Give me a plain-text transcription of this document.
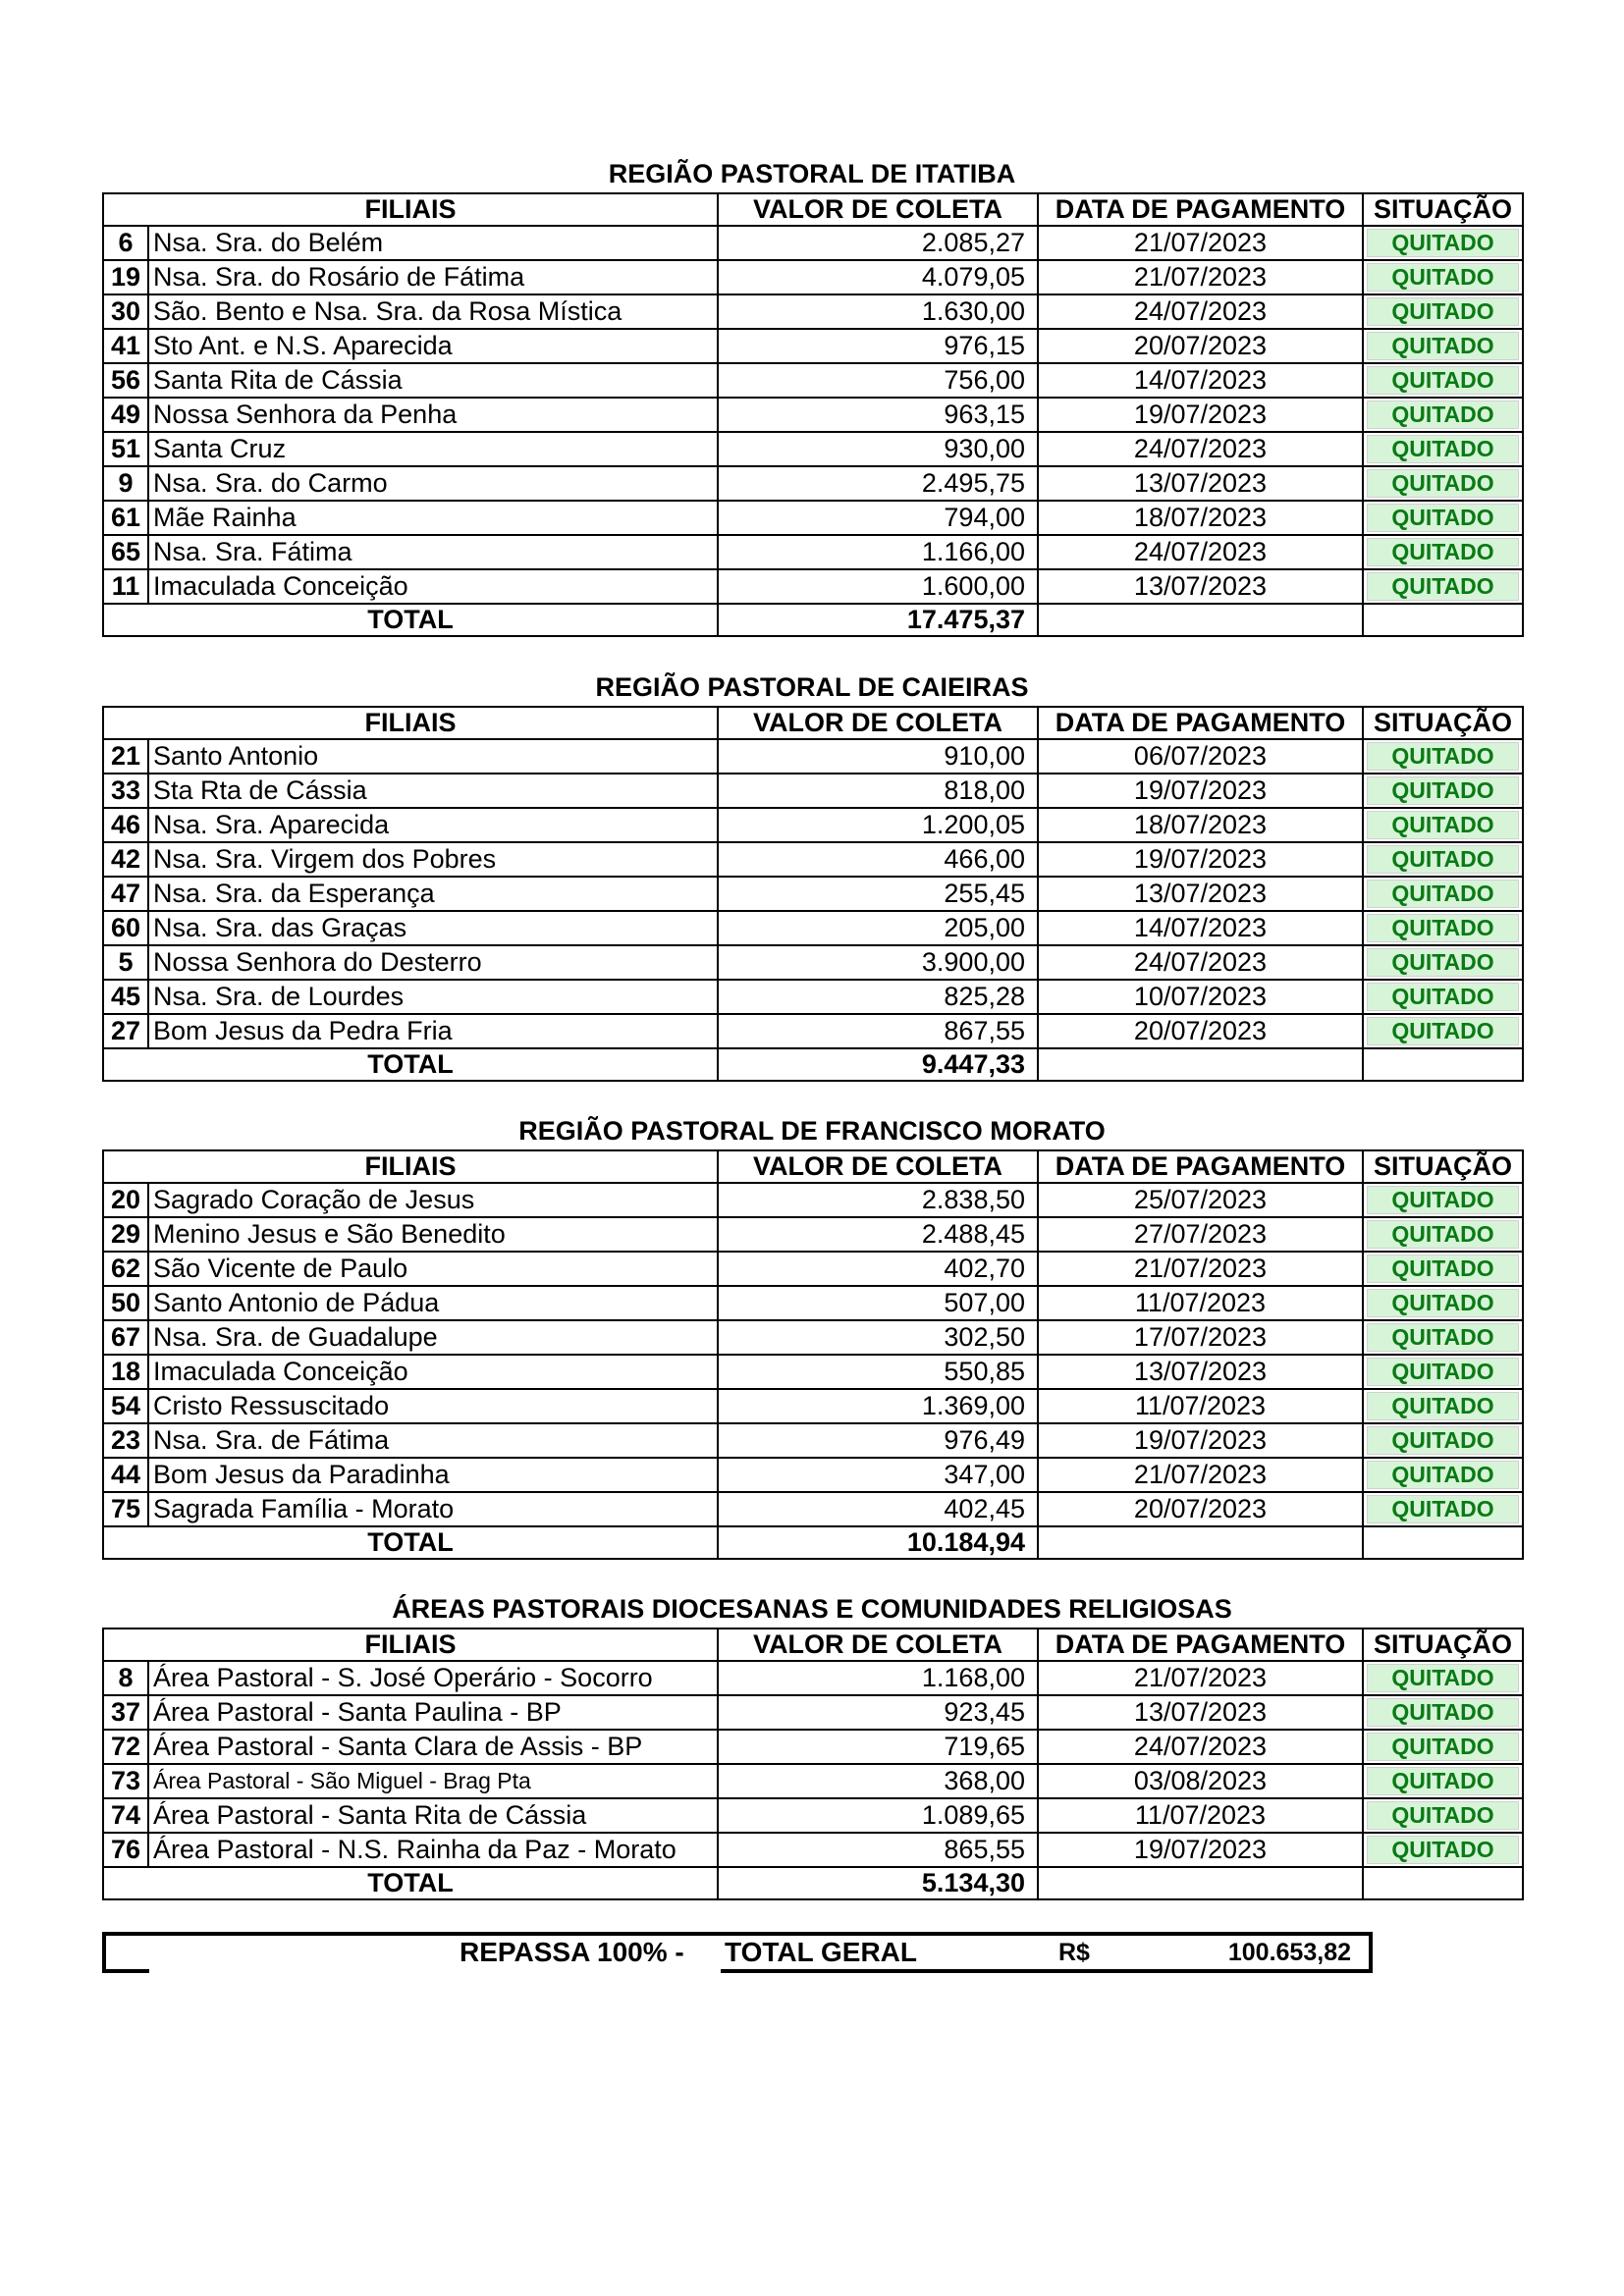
REGIÃO PASTORAL DE ITATIBA
FILIAIS		VALOR DE COLETA	DATA DE PAGAMENTO	SITUAÇÃO
6	Nsa. Sra. do Belém	2.085,27	21/07/2023	QUITADO

19	Nsa. Sra. do Rosário de Fátima	4.079,05	21/07/2023	QUITADO

30	São. Bento e Nsa. Sra. da Rosa Mística	1.630,00	24/07/2023	QUITADO

41	Sto Ant. e N.S. Aparecida	976,15	20/07/2023	QUITADO

56	Santa Rita de Cássia	756,00	14/07/2023	QUITADO

49	Nossa Senhora da Penha	963,15	19/07/2023	QUITADO

51	Santa Cruz	930,00	24/07/2023	QUITADO

9	Nsa. Sra. do Carmo	2.495,75	13/07/2023	QUITADO

61	Mãe Rainha	794,00	18/07/2023	QUITADO

65	Nsa. Sra. Fátima	1.166,00	24/07/2023	QUITADO

11	Imaculada Conceição	1.600,00	13/07/2023	QUITADO

TOTAL		17.475,37		
REGIÃO PASTORAL DE CAIEIRAS
FILIAIS		VALOR DE COLETA	DATA DE PAGAMENTO	SITUAÇÃO
21	Santo Antonio	910,00	06/07/2023	QUITADO

33	Sta Rta de Cássia	818,00	19/07/2023	QUITADO

46	Nsa. Sra. Aparecida	1.200,05	18/07/2023	QUITADO

42	Nsa. Sra. Virgem dos Pobres	466,00	19/07/2023	QUITADO

47	Nsa. Sra. da Esperança	255,45	13/07/2023	QUITADO

60	Nsa. Sra. das Graças	205,00	14/07/2023	QUITADO

5	Nossa Senhora do Desterro	3.900,00	24/07/2023	QUITADO

45	Nsa. Sra. de Lourdes	825,28	10/07/2023	QUITADO

27	Bom Jesus da Pedra Fria	867,55	20/07/2023	QUITADO

TOTAL		9.447,33		
REGIÃO PASTORAL DE FRANCISCO MORATO
FILIAIS		VALOR DE COLETA	DATA DE PAGAMENTO	SITUAÇÃO
20	Sagrado Coração de Jesus	2.838,50	25/07/2023	QUITADO

29	Menino Jesus e São Benedito	2.488,45	27/07/2023	QUITADO

62	São Vicente de Paulo	402,70	21/07/2023	QUITADO

50	Santo Antonio de Pádua	507,00	11/07/2023	QUITADO

67	Nsa. Sra. de Guadalupe	302,50	17/07/2023	QUITADO

18	Imaculada Conceição	550,85	13/07/2023	QUITADO

54	Cristo Ressuscitado	1.369,00	11/07/2023	QUITADO

23	Nsa. Sra. de Fátima	976,49	19/07/2023	QUITADO

44	Bom Jesus da Paradinha	347,00	21/07/2023	QUITADO

75	Sagrada Família - Morato	402,45	20/07/2023	QUITADO

TOTAL		10.184,94		
ÁREAS PASTORAIS DIOCESANAS E COMUNIDADES RELIGIOSAS
FILIAIS		VALOR DE COLETA	DATA DE PAGAMENTO	SITUAÇÃO
8	Área Pastoral - S. José Operário - Socorro	1.168,00	21/07/2023	QUITADO

37	Área Pastoral - Santa Paulina - BP	923,45	13/07/2023	QUITADO

72	Área Pastoral - Santa Clara de Assis - BP	719,65	24/07/2023	QUITADO

73	Área Pastoral - São Miguel - Brag Pta	368,00	03/08/2023	QUITADO

74	Área Pastoral - Santa Rita de Cássia	1.089,65	11/07/2023	QUITADO

76	Área Pastoral - N.S. Rainha da Paz - Morato	865,55	19/07/2023	QUITADO

TOTAL		5.134,30		
REPASSA 100% - TOTAL GERAL	R$	100.653,82
